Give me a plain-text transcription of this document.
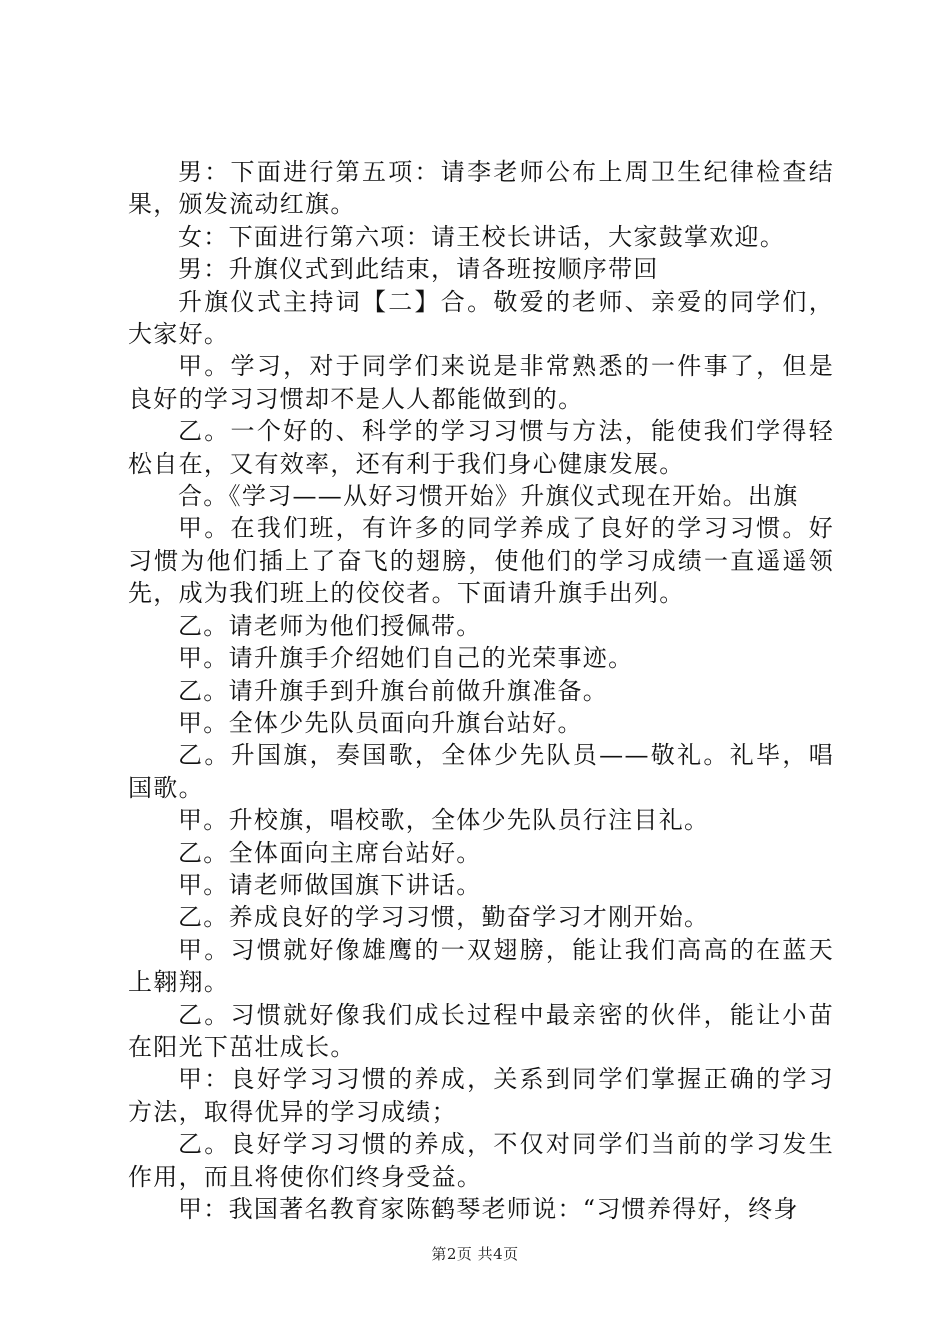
男：下面进行第五项：请李老师公布上周卫生纪律检查结果，颁发流动红旗。

女：下面进行第六项：请王校长讲话，大家鼓掌欢迎。

男：升旗仪式到此结束，请各班按顺序带回

升旗仪式主持词【二】合。敬爱的老师、亲爱的同学们，大家好。

甲。学习，对于同学们来说是非常熟悉的一件事了，但是良好的学习习惯却不是人人都能做到的。

乙。一个好的、科学的学习习惯与方法，能使我们学得轻松自在，又有效率，还有利于我们身心健康发展。

合。《学习——从好习惯开始》升旗仪式现在开始。出旗

甲。在我们班，有许多的同学养成了良好的学习习惯。好习惯为他们插上了奋飞的翅膀，使他们的学习成绩一直遥遥领先，成为我们班上的佼佼者。下面请升旗手出列。

乙。请老师为他们授佩带。

甲。请升旗手介绍她们自己的光荣事迹。

乙。请升旗手到升旗台前做升旗准备。

甲。全体少先队员面向升旗台站好。

乙。升国旗，奏国歌，全体少先队员——敬礼。礼毕，唱国歌。

甲。升校旗，唱校歌，全体少先队员行注目礼。

乙。全体面向主席台站好。

甲。请老师做国旗下讲话。

乙。养成良好的学习习惯，勤奋学习才刚开始。

甲。习惯就好像雄鹰的一双翅膀，能让我们高高的在蓝天上翱翔。

乙。习惯就好像我们成长过程中最亲密的伙伴，能让小苗在阳光下茁壮成长。

甲：良好学习习惯的养成，关系到同学们掌握正确的学习方法，取得优异的学习成绩；

乙。良好学习习惯的养成，不仅对同学们当前的学习发生作用，而且将使你们终身受益。

甲：我国著名教育家陈鹤琴老师说：“习惯养得好，终身

第2页 共4页
